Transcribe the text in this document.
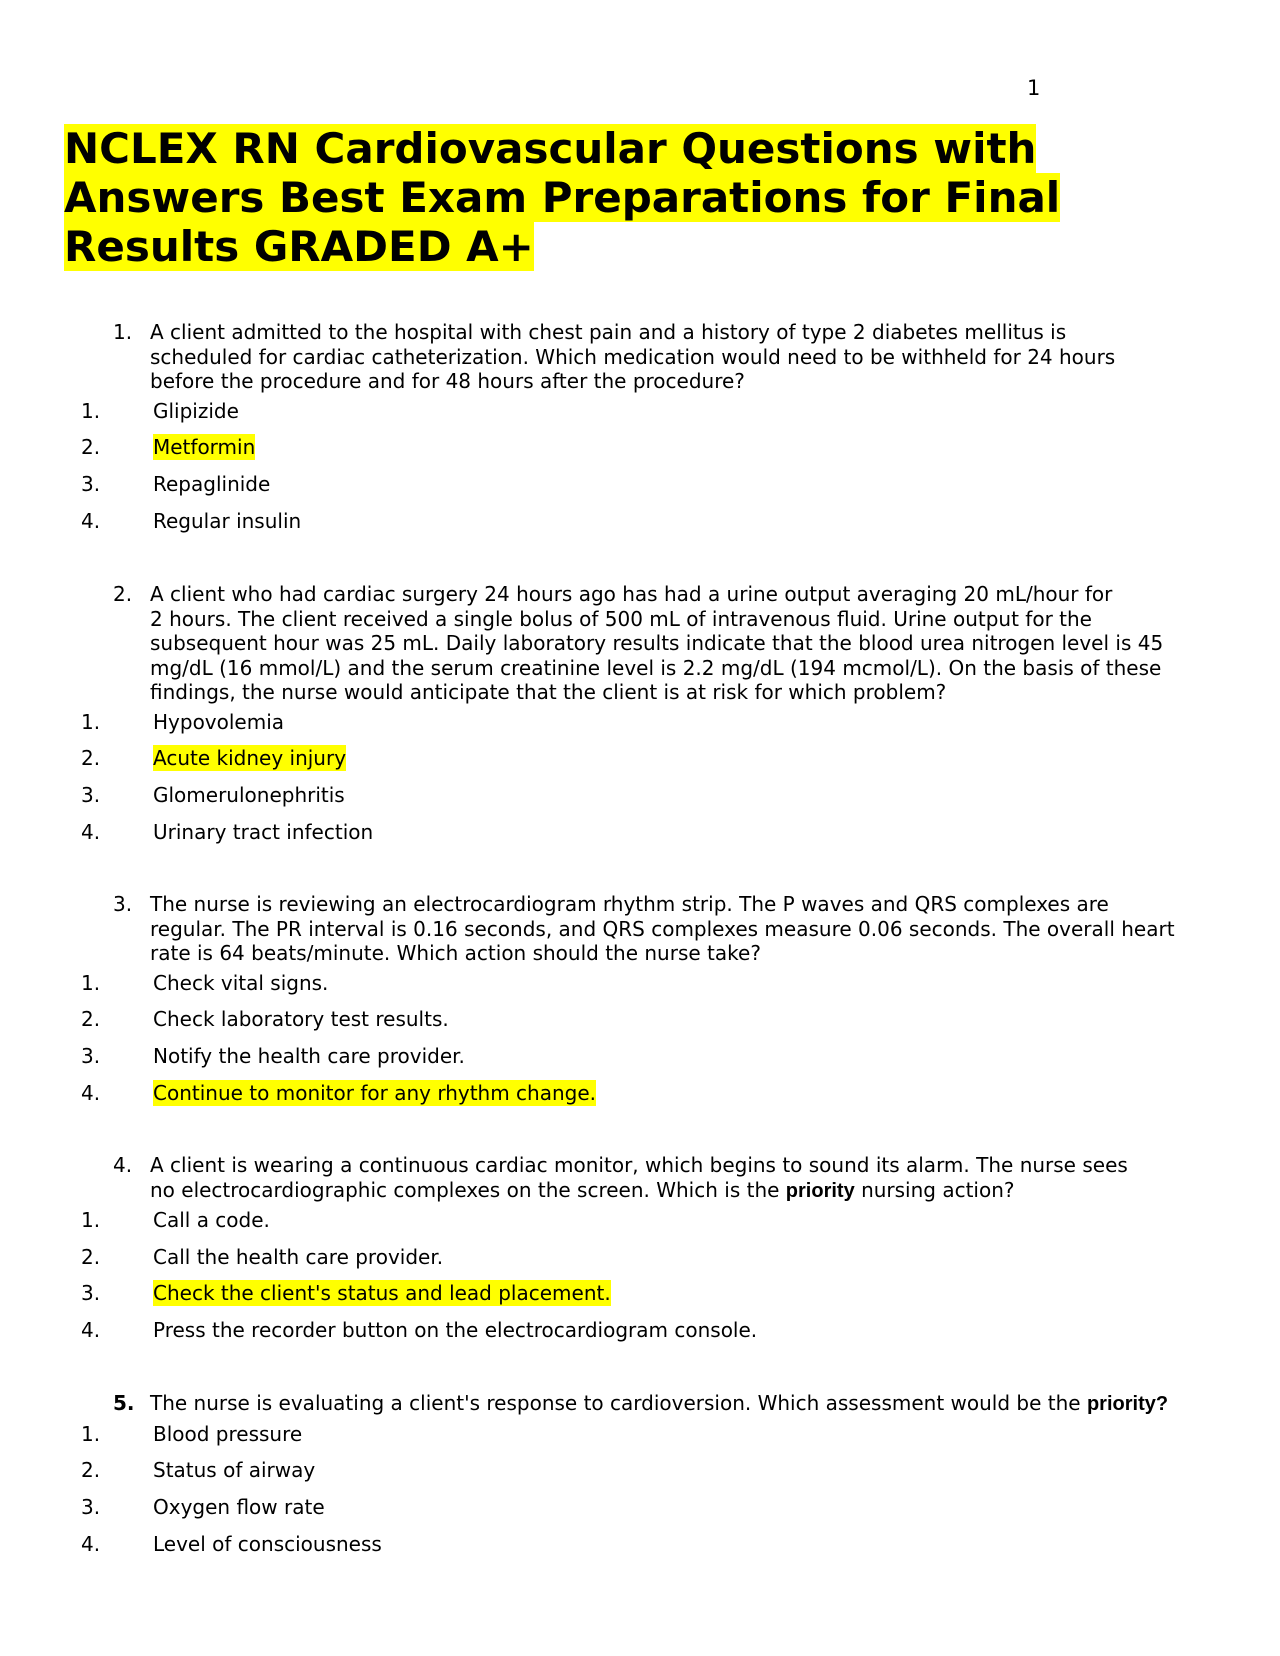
1
NCLEX RN Cardiovascular Questions with Answers Best Exam Preparations for Final Results GRADED A+

1. A client admitted to the hospital with chest pain and a history of type 2 diabetes mellitus is
scheduled for cardiac catheterization. Which medication would need to be withheld for 24 hours before the procedure and for 48 hours after the procedure?

1.	Glipizide
2.	Metformin
3.	Repaglinide
4.	Regular insulin

2. A client who had cardiac surgery 24 hours ago has had a urine output averaging 20 mL/hour for
2 hours. The client received a single bolus of 500 mL of intravenous fluid. Urine output for the subsequent hour was 25 mL. Daily laboratory results indicate that the blood urea nitrogen level is 45 mg/dL (16 mmol/L) and the serum creatinine level is 2.2 mg/dL (194 mcmol/L). On the basis of these findings, the nurse would anticipate that the client is at risk for which problem?

1.	Hypovolemia
2.	Acute kidney injury
3.	Glomerulonephritis
4.	Urinary tract infection

3. The nurse is reviewing an electrocardiogram rhythm strip. The P waves and QRS complexes are
regular. The PR interval is 0.16 seconds, and QRS complexes measure 0.06 seconds. The overall heart rate is 64 beats/minute. Which action should the nurse take?

1.	Check vital signs.
2.	Check laboratory test results.
3.	Notify the health care provider.
4.	Continue to monitor for any rhythm change.

4. A client is wearing a continuous cardiac monitor, which begins to sound its alarm. The nurse sees
no electrocardiographic complexes on the screen. Which is the priority nursing action?

1.	Call a code.
2.	Call the health care provider.
3.	Check the client's status and lead placement.
4.	Press the recorder button on the electrocardiogram console.

5. The nurse is evaluating a client's response to cardioversion. Which assessment would be the priority?

1.	Blood pressure
2.	Status of airway
3.	Oxygen flow rate
4.	Level of consciousness
